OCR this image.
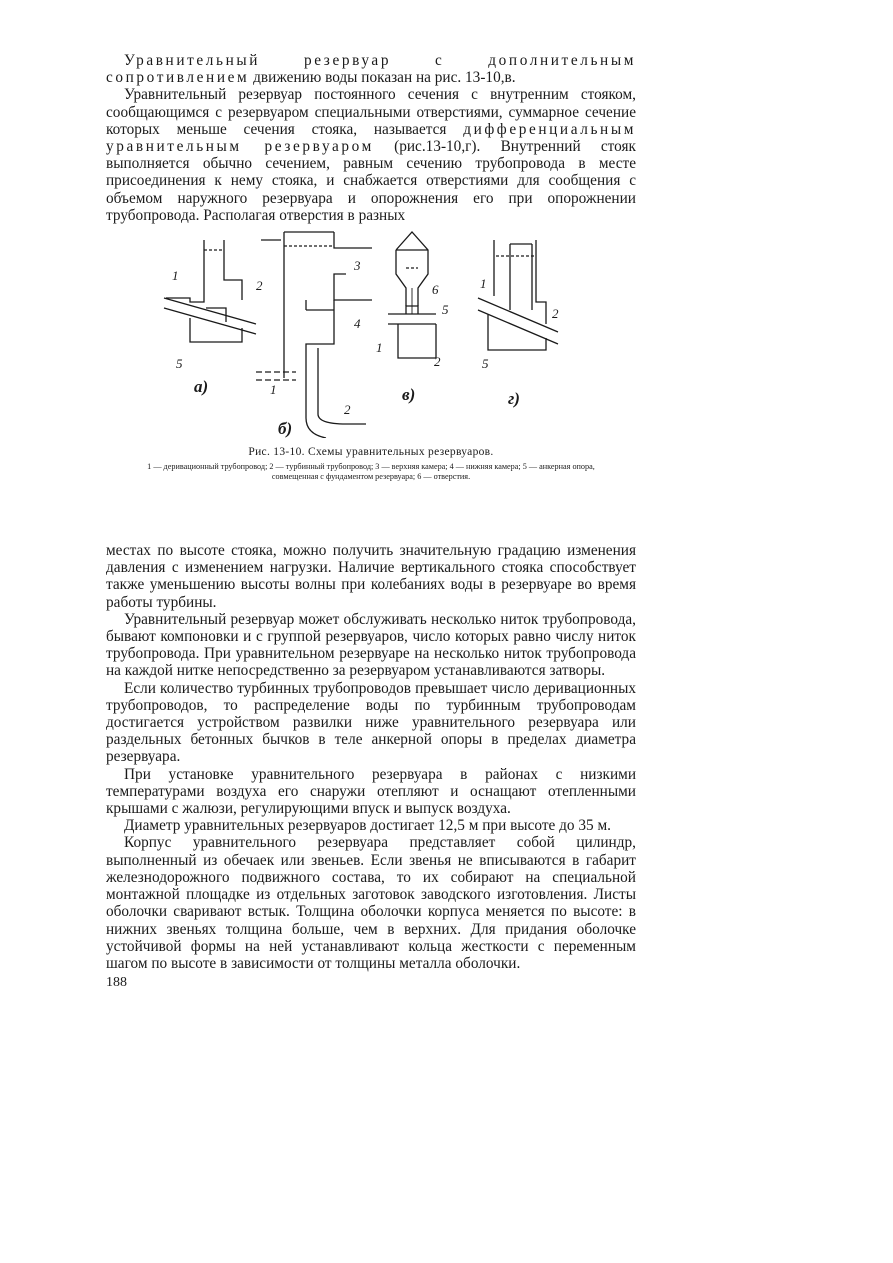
Уравнительный резервуар с дополнительным сопротивлением движению воды показан на рис. 13-10,в.

Уравнительный резервуар постоянного сечения с внутренним стояком, сообщающимся с резервуаром специальными отверстиями, суммарное сечение которых меньше сечения стояка, называется дифференциальным уравнительным резервуаром (рис.13-10,г). Внутренний стояк выполняется обычно сечением, равным сечению трубопровода в месте присоединения к нему стояка, и снабжается отверстиями для сообщения с объемом наружного резервуара и опорожнения его при опорожнении трубопровода. Располагая отверстия в разных

1
2
5
а)
3
4
1
2
6
5
1
2
в)
1
2
5
г)
б)

Рис. 13-10. Схемы уравнительных резервуаров.

1 — деривационный трубопровод; 2 — турбинный трубопровод; 3 — верхняя камера; 4 — нижняя камера; 5 — анкерная опора, совмещенная с фундаментом резервуара; 6 — отверстия.

местах по высоте стояка, можно получить значительную градацию изменения давления с изменением нагрузки. Наличие вертикального стояка способствует также уменьшению высоты волны при колебаниях воды в резервуаре во время работы турбины.

Уравнительный резервуар может обслуживать несколько ниток трубопровода, бывают компоновки и с группой резервуаров, число которых равно числу ниток трубопровода. При уравнительном резервуаре на несколько ниток трубопровода на каждой нитке непосредственно за резервуаром устанавливаются затворы.

Если количество турбинных трубопроводов превышает число деривационных трубопроводов, то распределение воды по турбинным трубопроводам достигается устройством развилки ниже уравнительного резервуара или раздельных бетонных бычков в теле анкерной опоры в пределах диаметра резервуара.

При установке уравнительного резервуара в районах с низкими температурами воздуха его снаружи отепляют и оснащают отепленными крышами с жалюзи, регулирующими впуск и выпуск воздуха.

Диаметр уравнительных резервуаров достигает 12,5 м при высоте до 35 м.

Корпус уравнительного резервуара представляет собой цилиндр, выполненный из обечаек или звеньев. Если звенья не вписываются в габарит железнодорожного подвижного состава, то их собирают на специальной монтажной площадке из отдельных заготовок заводского изготовления. Листы оболочки сваривают встык. Толщина оболочки корпуса меняется по высоте: в нижних звеньях толщина больше, чем в верхних. Для придания оболочке устойчивой формы на ней устанавливают кольца жесткости с переменным шагом по высоте в зависимости от толщины металла оболочки.

188
